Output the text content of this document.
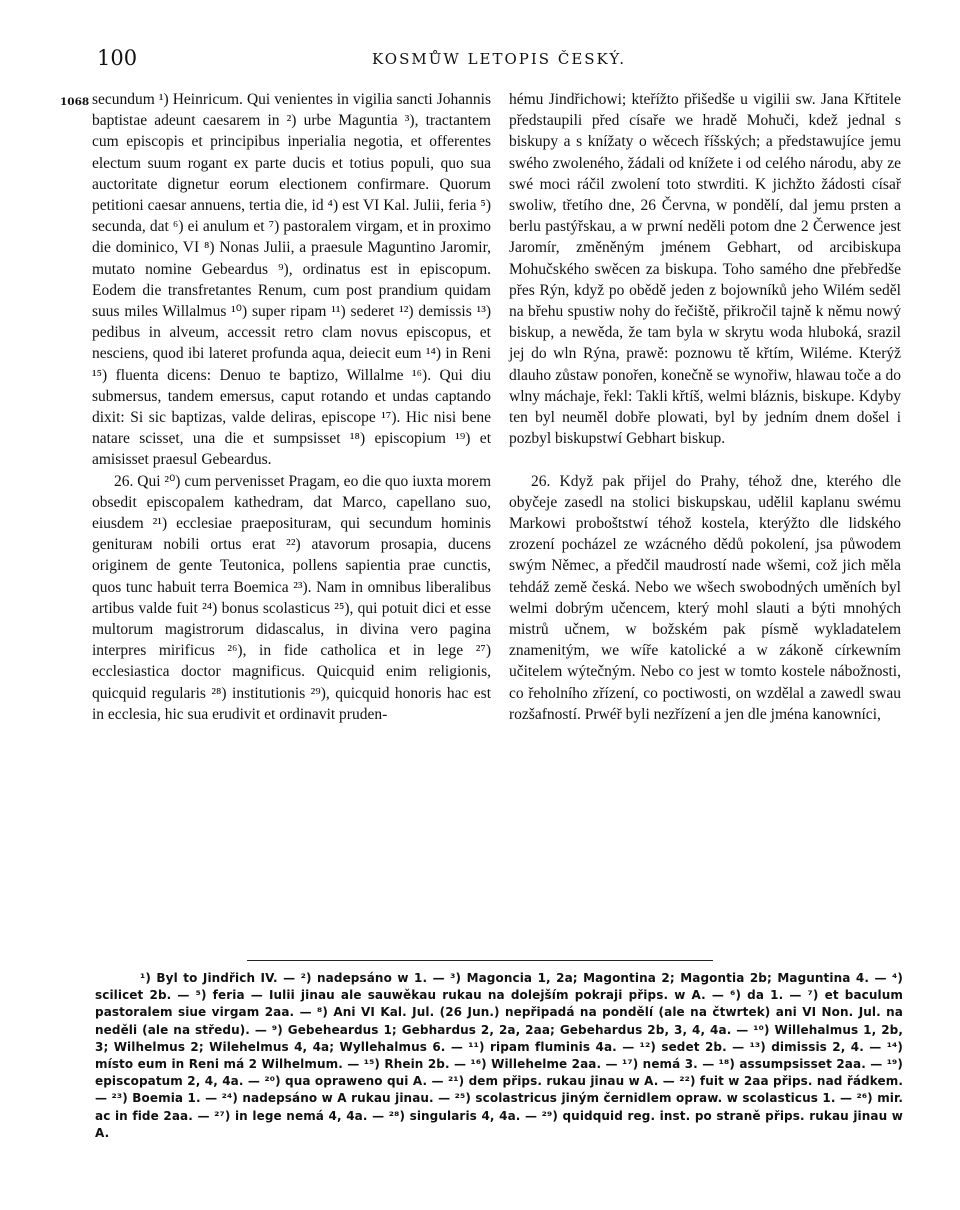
100	KOSMŮW LETOPIS ČESKÝ.
1068 secundum ¹) Heinricum. Qui venientes in vigilia sancti Johannis baptistae adeunt caesarem in ²) urbe Maguntia ³), tractantem cum episcopis et principibus inperialia negotia, et offerentes electum suum rogant ex parte ducis et totius populi, quo sua auctoritate dignetur eorum electionem confirmare. Quorum petitioni caesar annuens, tertia die, id ⁴) est VI Kal. Julii, feria ⁵) secunda, dat ⁶) ei anulum et ⁷) pastoralem virgam, et in proximo die dominico, VI ⁸) Nonas Julii, a praesule Maguntino Jaromir, mutato nomine Gebeardus ⁹), ordinatus est in episcopum. Eodem die transfretantes Renum, cum post prandium quidam suus miles Willalmus ¹⁰) super ripam ¹¹) sederet ¹²) demissis ¹³) pedibus in alveum, accessit retro clam novus episcopus, et nesciens, quod ibi lateret profunda aqua, deiecit eum ¹⁴) in Reni ¹⁵) fluenta dicens: Denuo te baptizo, Willalme ¹⁶). Qui diu submersus, tandem emersus, caput rotando et undas captando dixit: Si sic baptizas, valde deliras, episcope ¹⁷). Hic nisi bene natare scisset, una die et sumpsisset ¹⁸) episcopium ¹⁹) et amisisset praesul Gebeardus.

26. Qui ²⁰) cum pervenisset Pragam, eo die quo iuxta morem obsedit episcopalem kathedram, dat Marco, capellano suo, eiusdem ²¹) ecclesiae praepositurам, qui secundum hominis geniturам nobili ortus erat ²²) atavorum prosapia, ducens originem de gente Teutonica, pollens sapientia prae cunctis, quos tunc habuit terra Boemica ²³). Nam in omnibus liberalibus artibus valde fuit ²⁴) bonus scolasticus ²⁵), qui potuit dici et esse multorum magistrorum didascalus, in divina vero pagina interpres mirificus ²⁶), in fide catholica et in lege ²⁷) ecclesiastica doctor magnificus. Quicquid enim religionis, quicquid regularis ²⁸) institutionis ²⁹), quicquid honoris hac est in ecclesia, hic sua erudivit et ordinavit pruden-

hému Jindřichowi; kteřížto přišedše u vigilii sw. Jana Křtitele předstaupili před císaře we hradě Mohuči, kdež jednal s biskupy a s knížaty o wěcech říšských; a předstawujíce jemu swého zwoleného, žádali od knížete i od celého národu, aby ze swé moci ráčil zwolení toto stwrditi. K jichžto žádosti císař swoliw, třetího dne, 26 Června, w pondělí, dal jemu prsten a berlu pastýřskau, a w prwní neděli potom dne 2 Čerwence jest Jaromír, změněným jménem Gebhart, od arcibiskupa Mohučského swěcen za biskupa. Toho samého dne přebředše přes Rýn, když po obědě jeden z bojowníků jeho Wilém seděl na břehu spustiw nohy do řečiště, přikročil tajně k němu nowý biskup, a newěda, že tam byla w skrytu woda hluboká, srazil jej do wln Rýna, prawě: poznowu tě křtím, Wiléme. Kterýž dlauho zůstaw ponořen, konečně se wynořiw, hlawau toče a do wlny máchaje, řekl: Takli křtíš, welmi bláznis, biskupe. Kdyby ten byl neuměl dobře plowati, byl by jedním dnem došel i pozbyl biskupstwí Gebhart biskup.

26. Když pak přijel do Prahy, téhož dne, kterého dle obyčeje zasedl na stolici biskupskau, udělil kaplanu swému Markowi proboštstwí téhož kostela, kterýžto dle lidského zrození pocházel ze wzácného dědů pokolení, jsa půwodem swým Němec, a předčil maudrostí nade wšemi, což jich měla tehdáž země česká. Nebo we wšech swobodných uměních byl welmi dobrým učencem, který mohl slauti a býti mnohých mistrů učnem, w božském pak písmě wykladatelem znamenitým, we wíře katolické a w zákoně církewním učitelem wýtečným. Nebo co jest w tomto kostele nábožnosti, co řeholního zřízení, co poctiwosti, on wzdělal a zawedl swau rozšafností. Prwéř byli nezřízení a jen dle jména kanowníci,

¹) Byl to Jindřich IV. — ²) nadepsáno w 1. — ³) Magoncia 1, 2a; Magontina 2; Magontia 2b; Maguntina 4. — ⁴) scilicet 2b. — ⁵) feria — Iulii jinau ale sauwěkau rukau na dolejším pokraji přips. w A. — ⁶) da 1. — ⁷) et baculum pastoralem siue virgam 2aa. — ⁸) Ani VI Kal. Jul. (26 Jun.) nepřipadá na pondělí (ale na čtwrtek) ani VI Non. Jul. na neděli (ale na středu). — ⁹) Gebeheardus 1; Gebhardus 2, 2a, 2aa; Gebehardus 2b, 3, 4, 4a. — ¹⁰) Willehalmus 1, 2b, 3; Wilhelmus 2; Wilehelmus 4, 4a; Wyllehalmus 6. — ¹¹) ripam fluminis 4a. — ¹²) sedet 2b. — ¹³) dimissis 2, 4. — ¹⁴) místo eum in Reni má 2 Wilhelmum. — ¹⁵) Rhein 2b. — ¹⁶) Willehelme 2aa. — ¹⁷) nemá 3. — ¹⁸) assumpsisset 2aa. — ¹⁹) episcopatum 2, 4, 4a. — ²⁰) qua opraweno qui A. — ²¹) dem přips. rukau jinau w A. — ²²) fuit w 2aa přips. nad řádkem. — ²³) Boemia 1. — ²⁴) nadepsáno w A rukau jinau. — ²⁵) scolastricus jiným černidlem opraw. w scolasticus 1. — ²⁶) mir. ac in fide 2aa. — ²⁷) in lege nemá 4, 4a. — ²⁸) singularis 4, 4a. — ²⁹) quidquid reg. inst. po straně přips. rukau jinau w A.
